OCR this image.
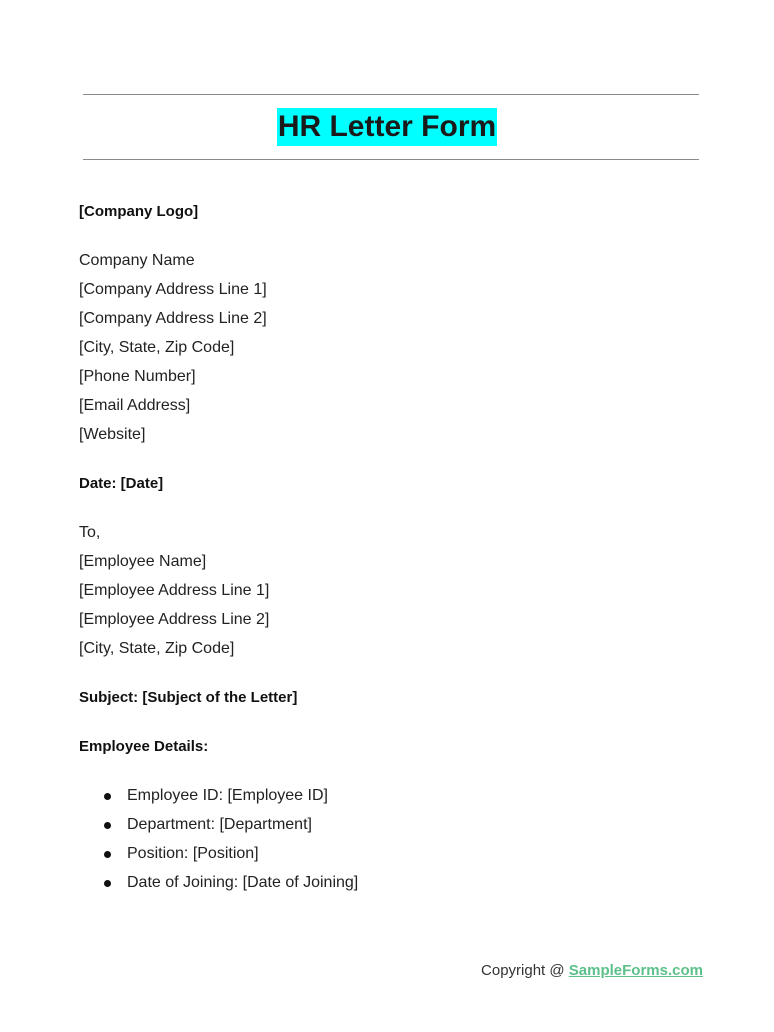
HR Letter Form
[Company Logo]
Company Name
[Company Address Line 1]
[Company Address Line 2]
[City, State, Zip Code]
[Phone Number]
[Email Address]
[Website]
Date: [Date]
To,
[Employee Name]
[Employee Address Line 1]
[Employee Address Line 2]
[City, State, Zip Code]
Subject: [Subject of the Letter]
Employee Details:
Employee ID: [Employee ID]
Department: [Department]
Position: [Position]
Date of Joining: [Date of Joining]
Copyright @ SampleForms.com
